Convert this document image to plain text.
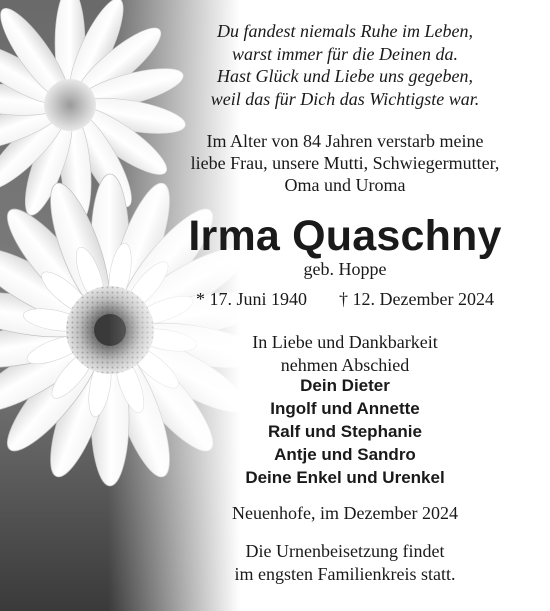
Du fandest niemals Ruhe im Leben,
warst immer für die Deinen da.
Hast Glück und Liebe uns gegeben,
weil das für Dich das Wichtigste war.
Im Alter von 84 Jahren verstarb meine
liebe Frau, unsere Mutti, Schwiegermutter,
Oma und Uroma
Irma Quaschny
geb. Hoppe
* 17. Juni 1940 † 12. Dezember 2024
In Liebe und Dankbarkeit
nehmen Abschied
Dein Dieter
Ingolf und Annette
Ralf und Stephanie
Antje und Sandro
Deine Enkel und Urenkel
Neuenhofe, im Dezember 2024
Die Urnenbeisetzung findet
im engsten Familienkreis statt.
